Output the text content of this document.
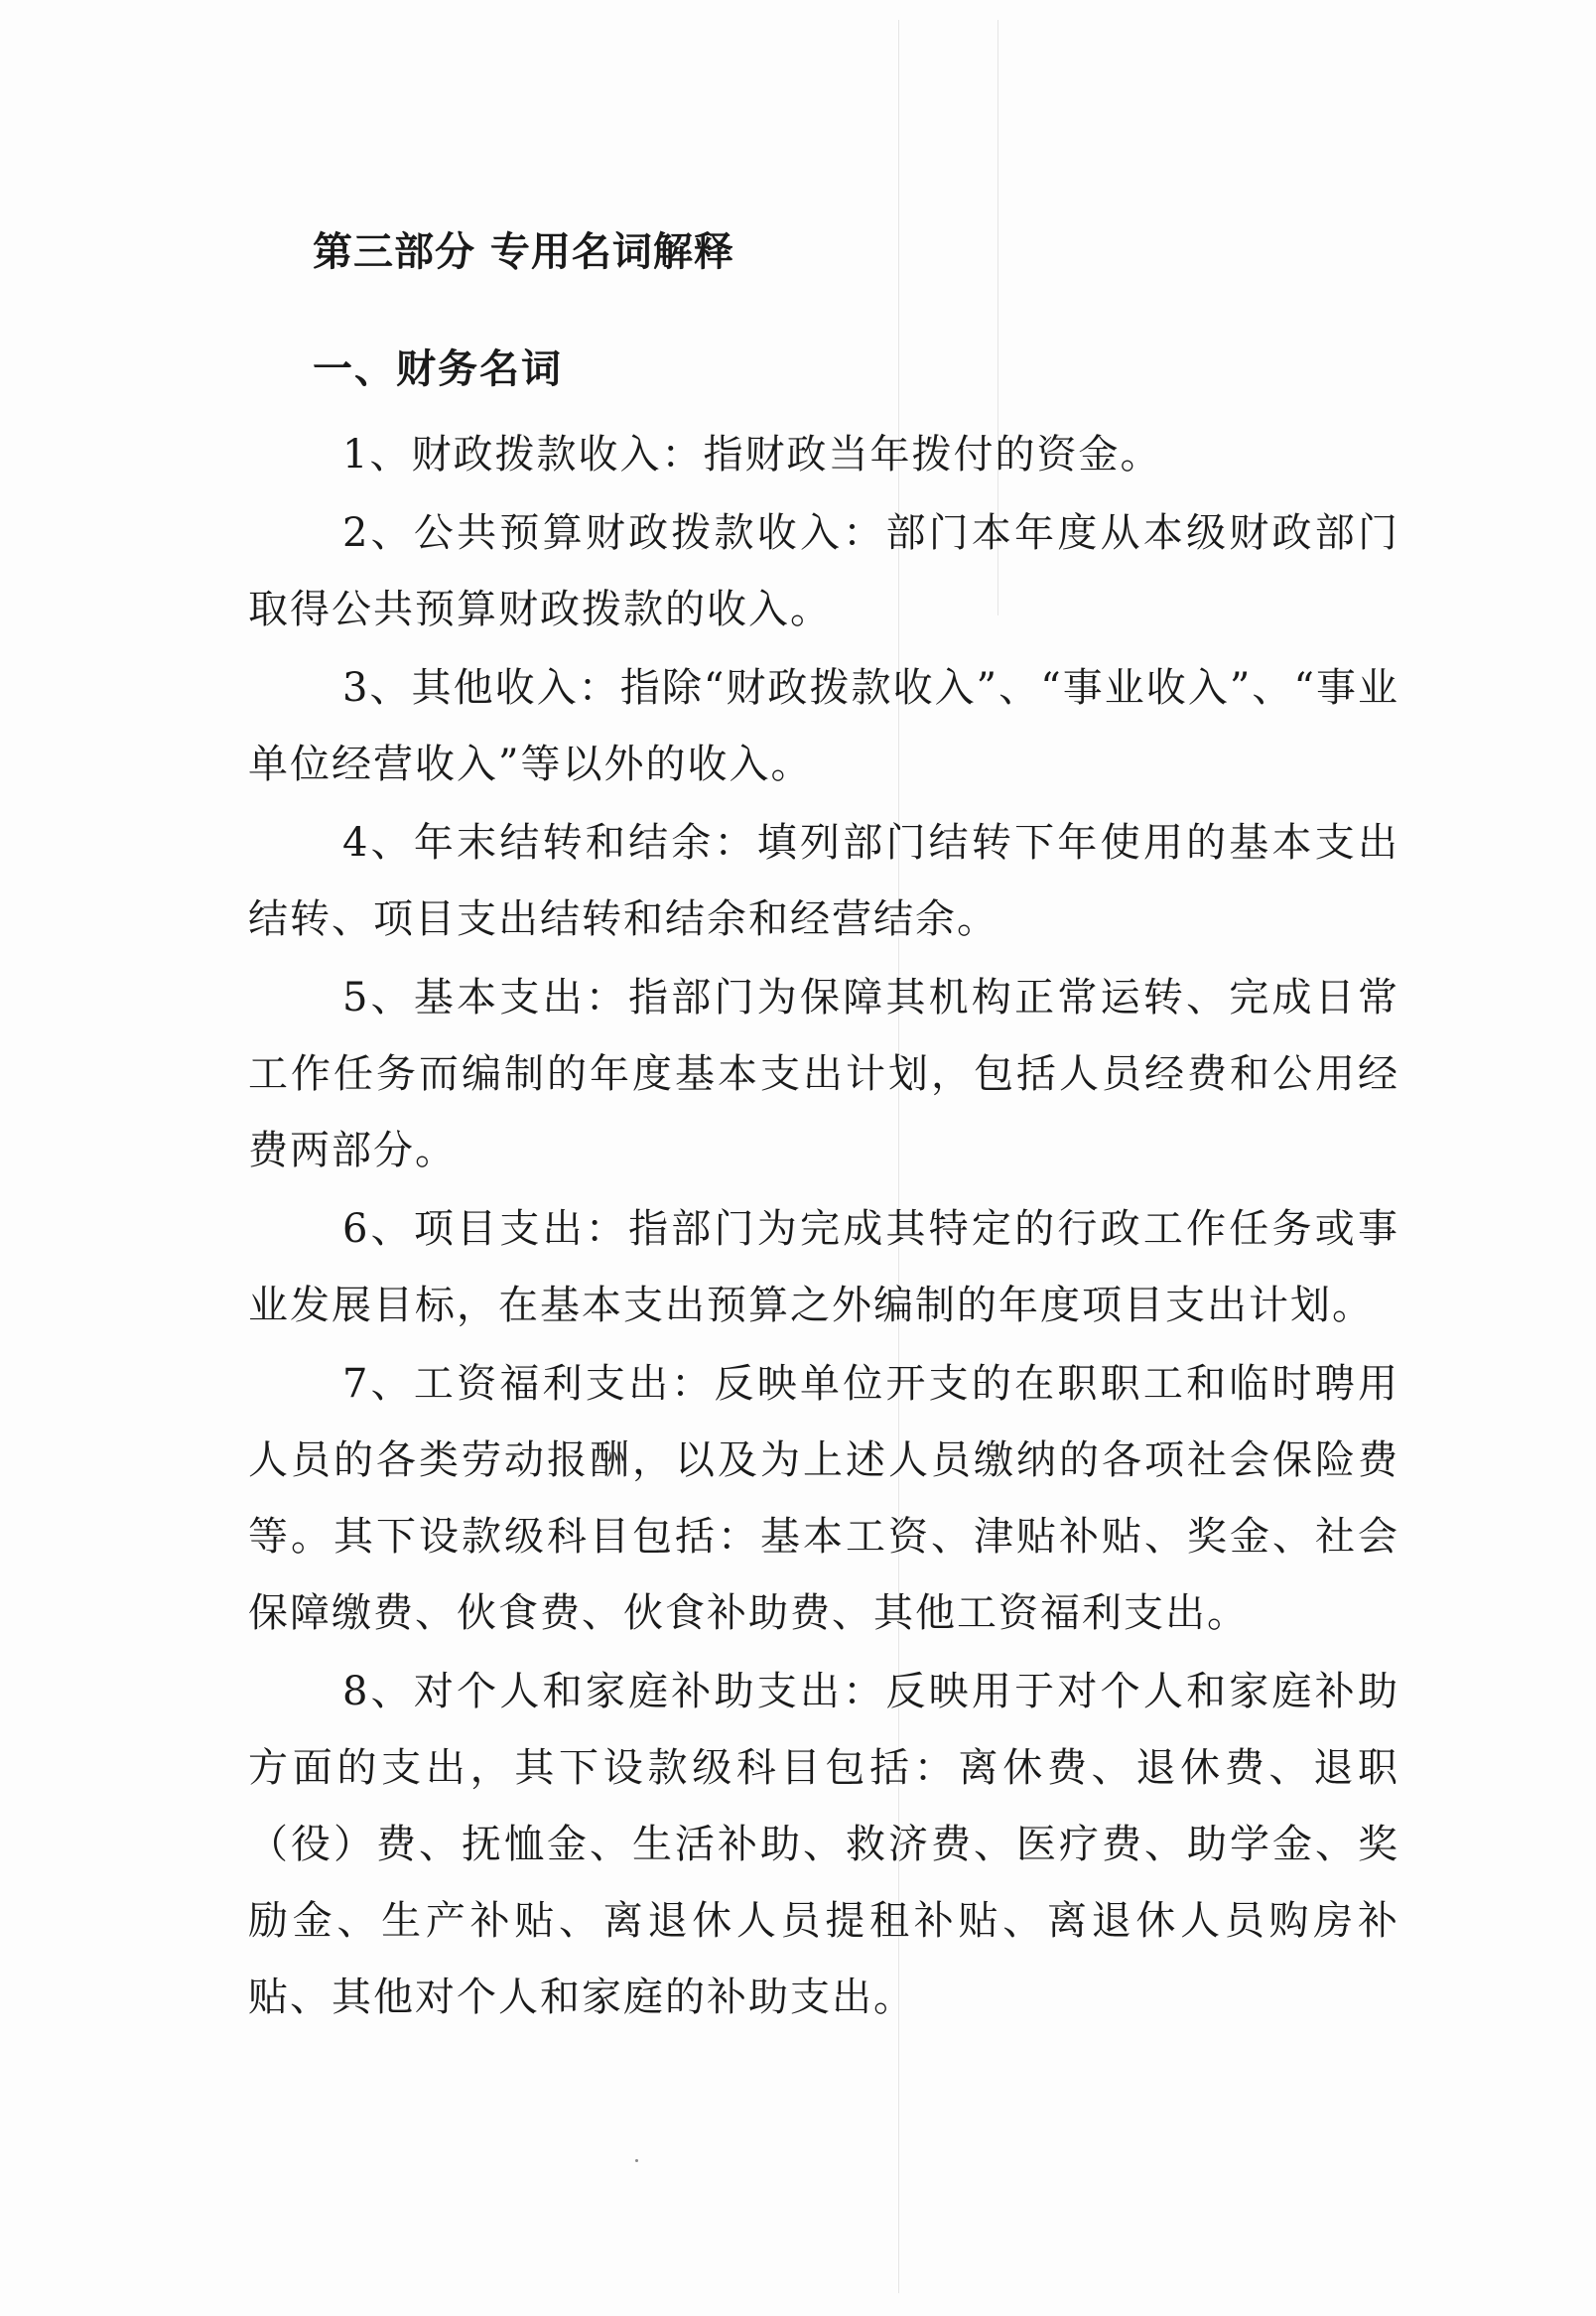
第三部分 专用名词解释
一、财务名词

1、财政拨款收入：指财政当年拨付的资金。

2、公共预算财政拨款收入：部门本年度从本级财政部门取得公共预算财政拨款的收入。

3、其他收入：指除“财政拨款收入”、“事业收入”、“事业单位经营收入”等以外的收入。

4、年末结转和结余：填列部门结转下年使用的基本支出结转、项目支出结转和结余和经营结余。

5、基本支出：指部门为保障其机构正常运转、完成日常工作任务而编制的年度基本支出计划，包括人员经费和公用经费两部分。

6、项目支出：指部门为完成其特定的行政工作任务或事业发展目标，在基本支出预算之外编制的年度项目支出计划。

7、工资福利支出：反映单位开支的在职职工和临时聘用人员的各类劳动报酬，以及为上述人员缴纳的各项社会保险费等。其下设款级科目包括：基本工资、津贴补贴、奖金、社会保障缴费、伙食费、伙食补助费、其他工资福利支出。

8、对个人和家庭补助支出：反映用于对个人和家庭补助方面的支出，其下设款级科目包括：离休费、退休费、退职（役）费、抚恤金、生活补助、救济费、医疗费、助学金、奖励金、生产补贴、离退休人员提租补贴、离退休人员购房补贴、其他对个人和家庭的补助支出。
